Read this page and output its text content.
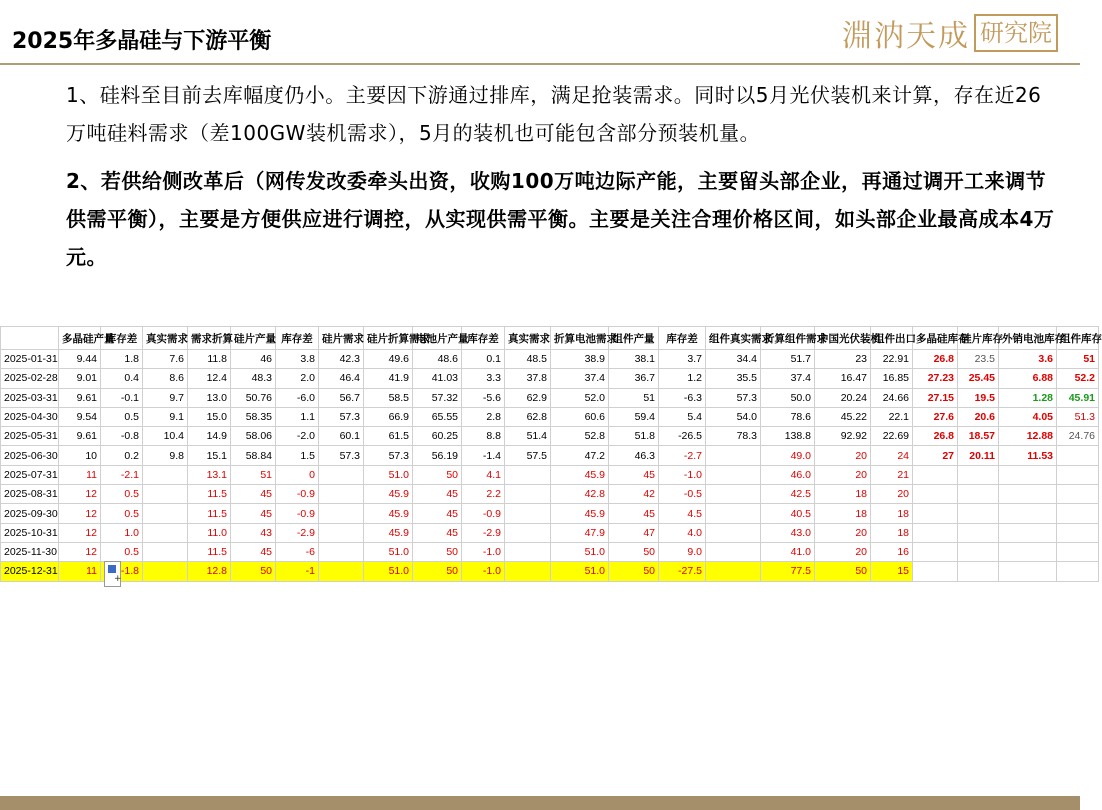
2025年多晶硅与下游平衡	淵汭天成 研究院
1、硅料至目前去库幅度仍小。主要因下游通过排库，满足抢装需求。同时以5月光伏装机来计算，存在近26万吨硅料需求（差100GW装机需求），5月的装机也可能包含部分预装机量。
2、若供给侧改革后（网传发改委牵头出资，收购100万吨边际产能，主要留头部企业，再通过调开工来调节供需平衡），主要是方便供应进行调控，从实现供需平衡。主要是关注合理价格区间，如头部企业最高成本4万元。
	多晶硅产量	库存差	真实需求	需求折算	硅片产量	库存差	硅片需求	硅片折算需求	电池片产量	库存差	真实需求	折算电池需求	组件产量	库存差	组件真实需求	折算组件需求	中国光伏装机	组件出口	多晶硅库存	硅片库存	外销电池库存	组件库存
2025-01-31	9.44	1.8	7.6	11.8	46	3.8	42.3	49.6	48.6	0.1	48.5	38.9	38.1	3.7	34.4	51.7	23	22.91	26.8	23.5	3.6	51
2025-02-28	9.01	0.4	8.6	12.4	48.3	2.0	46.4	41.9	41.03	3.3	37.8	37.4	36.7	1.2	35.5	37.4	16.47	16.85	27.23	25.45	6.88	52.2
2025-03-31	9.61	-0.1	9.7	13.0	50.76	-6.0	56.7	58.5	57.32	-5.6	62.9	52.0	51	-6.3	57.3	50.0	20.24	24.66	27.15	19.5	1.28	45.91
2025-04-30	9.54	0.5	9.1	15.0	58.35	1.1	57.3	66.9	65.55	2.8	62.8	60.6	59.4	5.4	54.0	78.6	45.22	22.1	27.6	20.6	4.05	51.3
2025-05-31	9.61	-0.8	10.4	14.9	58.06	-2.0	60.1	61.5	60.25	8.8	51.4	52.8	51.8	-26.5	78.3	138.8	92.92	22.69	26.8	18.57	12.88	24.76
2025-06-30	10	0.2	9.8	15.1	58.84	1.5	57.3	57.3	56.19	-1.4	57.5	47.2	46.3	-2.7		49.0	20	24	27	20.11	11.53	
2025-07-31	11	-2.1		13.1	51	0		51.0	50	4.1		45.9	45	-1.0		46.0	20	21				
2025-08-31	12	0.5		11.5	45	-0.9		45.9	45	2.2		42.8	42	-0.5		42.5	18	20				
2025-09-30	12	0.5		11.5	45	-0.9		45.9	45	-0.9		45.9	45	4.5		40.5	18	18				
2025-10-31	12	1.0		11.0	43	-2.9		45.9	45	-2.9		47.9	47	4.0		43.0	20	18				
2025-11-30	12	0.5		11.5	45	-6		51.0	50	-1.0		51.0	50	9.0		41.0	20	16				
2025-12-31	11	-1.8		12.8	50	-1		51.0	50	-1.0		51.0	50	-27.5		77.5	50	15				
+
